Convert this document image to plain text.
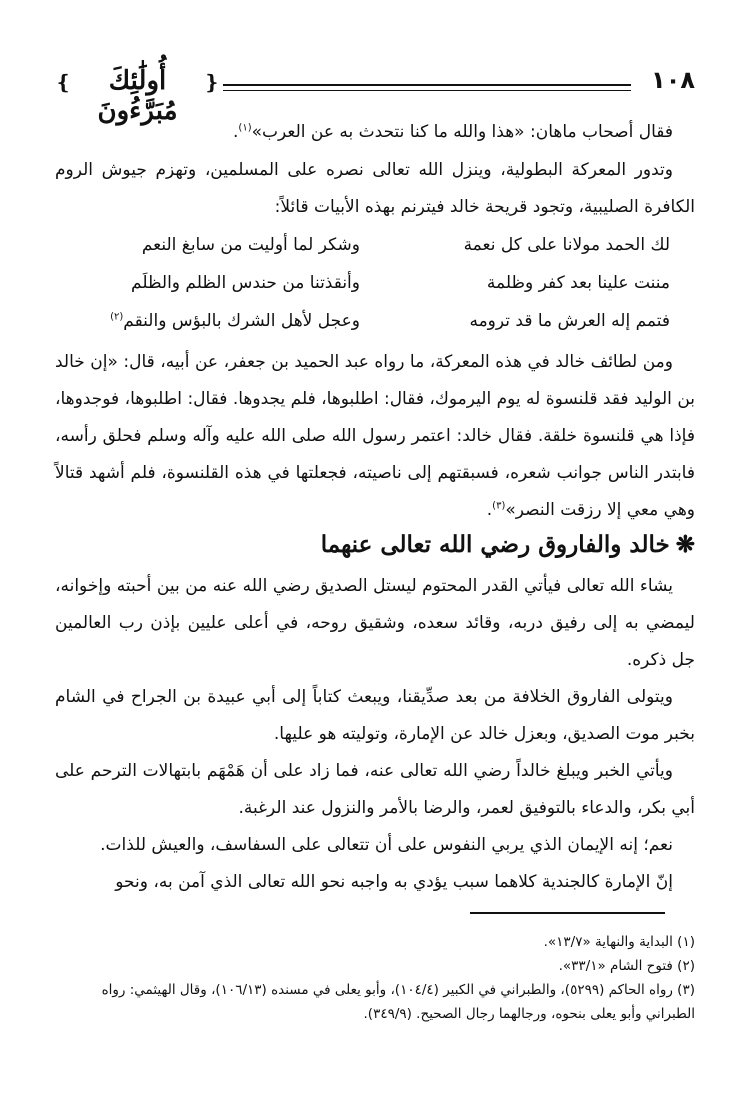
❴	أُولَٰئِكَ مُبَرَّءُونَ
❵	١٠٨

فقال أصحاب ماهان: «هذا والله ما كنا نتحدث به عن العرب»$^{(١)}$.

وتدور المعركة البطولية، وينزل الله تعالى نصره على المسلمين، وتهزم جيوش الروم الكافرة الصليبية، وتجود قريحة خالد فيترنم بهذه الأبيات قائلاً:

لك الحمد مولانا على كل نعمة
وشكر لما أوليت من سابغ النعم
مننت علينا بعد كفر وظلمة
وأنقذتنا من حندس الظلم والظلَم
فتمم إله العرش ما قد ترومه
وعجل لأهل الشرك بالبؤس والنقم$^{(٢)}$

ومن لطائف خالد في هذه المعركة، ما رواه عبد الحميد بن جعفر، عن أبيه، قال: «إن خالد بن الوليد فقد قلنسوة له يوم اليرموك، فقال: اطلبوها، فلم يجدوها. فقال: اطلبوها، فوجدوها، فإذا هي قلنسوة خلقة. فقال خالد: اعتمر رسول الله صلى الله عليه وآله وسلم فحلق رأسه، فابتدر الناس جوانب شعره، فسبقتهم إلى ناصيته، فجعلتها في هذه القلنسوة، فلم أشهد قتالاً وهي معي إلا رزقت النصر»$^{(٣)}$.

❋خالد والفاروق رضي الله تعالى عنهما

يشاء الله تعالى فيأتي القدر المحتوم ليستل الصديق رضي الله عنه من بين أحبته وإخوانه، ليمضي به إلى رفيق دربه، وقائد سعده، وشقيق روحه، في أعلى عليين بإذن رب العالمين جل ذكره.

ويتولى الفاروق الخلافة من بعد صدِّيقنا، ويبعث كتاباً إلى أبي عبيدة بن الجراح في الشام بخبر موت الصديق، وبعزل خالد عن الإمارة، وتوليته هو عليها.

ويأتي الخبر ويبلغ خالداً رضي الله تعالى عنه، فما زاد على أن هَمْهَم بابتهالات الترحم على أبي بكر، والدعاء بالتوفيق لعمر، والرضا بالأمر والنزول عند الرغبة.

نعم؛ إنه الإيمان الذي يربي النفوس على أن تتعالى على السفاسف، والعيش للذات.

إنّ الإمارة كالجندية كلاهما سبب يؤدي به واجبه نحو الله تعالى الذي آمن به، ونحو

(١) البداية والنهاية «١٣/٧».

(٢) فتوح الشام «٣٣/١».

(٣) رواه الحاكم (٥٢٩٩)، والطبراني في الكبير (١٠٤/٤)، وأبو يعلى في مسنده (١٠٦/١٣)، وقال الهيثمي: رواه الطبراني وأبو يعلى بنحوه، ورجالهما رجال الصحيح. (٣٤٩/٩).
